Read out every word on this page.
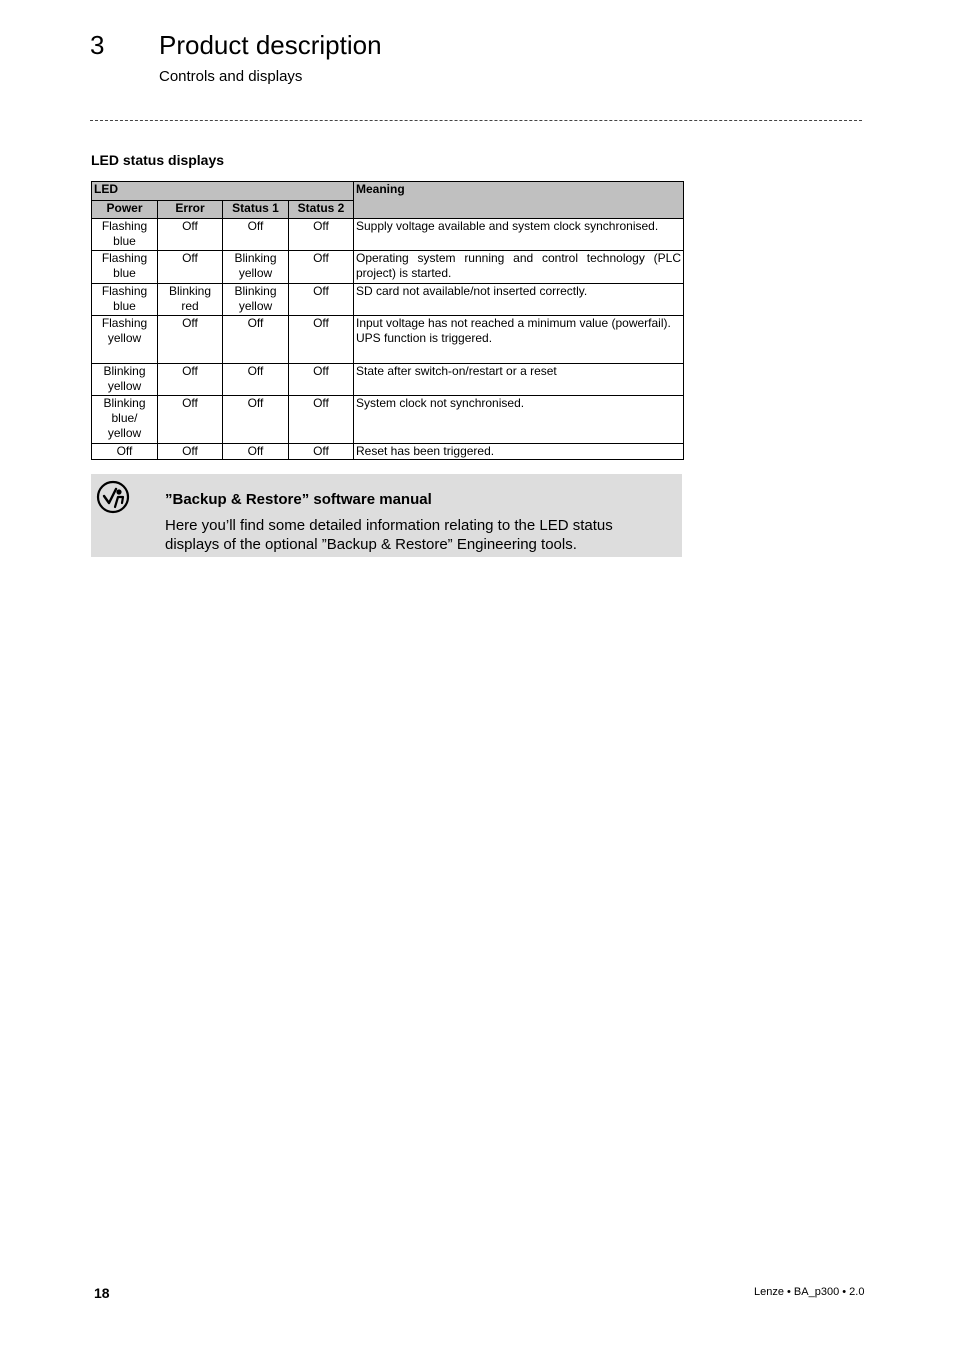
3 Product description
Controls and displays
LED status displays
LED				Meaning
Power	Error	Status 1	Status 2	
Flashing blue	Off	Off	Off	Supply voltage available and system clock synchronised.
Flashing blue	Off	Blinking yellow	Off	Operating system running and control technology (PLC project) is started.
Flashing blue	Blinking red	Blinking yellow	Off	SD card not available/not inserted correctly.
Flashing yellow	Off	Off	Off	Input voltage has not reached a minimum value (powerfail).
UPS function is triggered.

Blinking yellow	Off	Off	Off	State after switch-on/restart or a reset
Blinking blue/ yellow	Off	Off	Off	System clock not synchronised.
Off	Off	Off	Off	Reset has been triggered.
”Backup & Restore” software manual
Here you’ll find some detailed information relating to the LED status displays of the optional ”Backup & Restore” Engineering tools.
18	Lenze • BA_p300 • 2.0
